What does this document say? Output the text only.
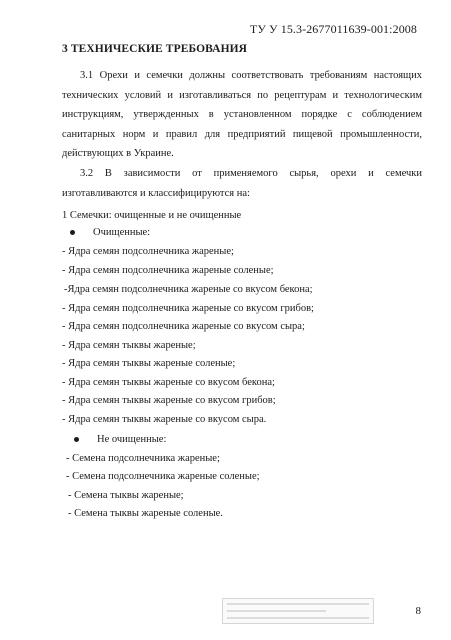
ТУ У 15.3-2677011639-001:2008
3 ТЕХНИЧЕСКИЕ ТРЕБОВАНИЯ
3.1 Орехи и семечки должны соответствовать требованиям настоящих технических условий и изготавливаться по рецептурам и технологическим инструкциям, утвержденных в установленном порядке с соблюдением санитарных норм и правил для предприятий пищевой промышленности, действующих в Украине.
3.2 В зависимости от применяемого сырья, орехи и семечки изготавливаются и классифицируются на:
1 Семечки: очищенные и не очищенные
Очищенные:
- Ядра семян подсолнечника жареные;
- Ядра семян подсолнечника жареные соленые;
-Ядра семян подсолнечника жареные со вкусом бекона;
- Ядра семян подсолнечника жареные со вкусом грибов;
- Ядра семян подсолнечника жареные со вкусом сыра;
- Ядра семян тыквы жареные;
- Ядра семян тыквы жареные соленые;
- Ядра семян тыквы жареные со вкусом бекона;
- Ядра семян тыквы жареные со вкусом грибов;
- Ядра семян тыквы жареные со вкусом сыра.
Не очищенные:
- Семена подсолнечника жареные;
- Семена подсолнечника жареные соленые;
- Семена тыквы жареные;
- Семена тыквы жареные соленые.
8
